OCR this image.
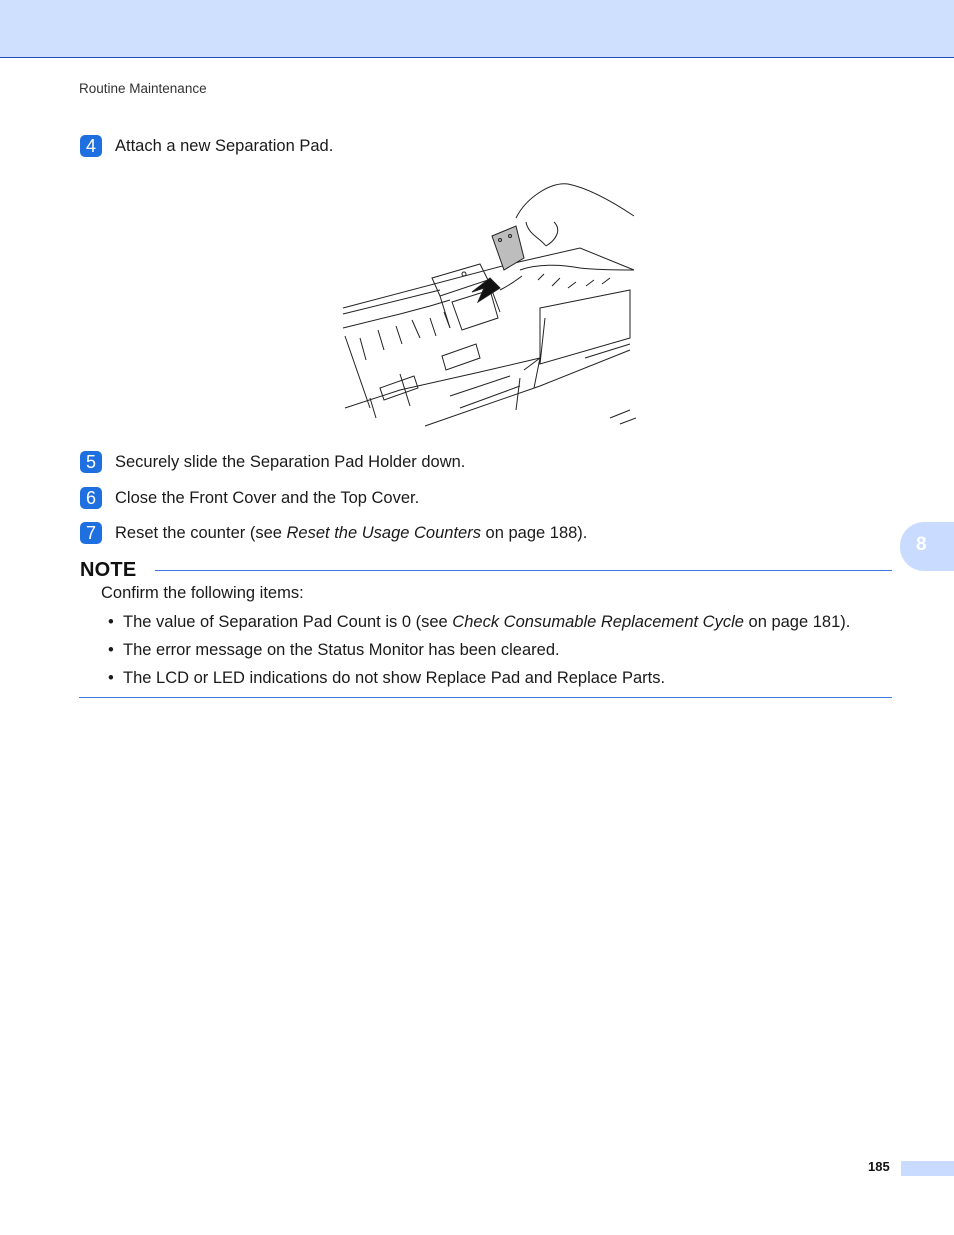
Routine Maintenance
4	Attach a new Separation Pad.
5	Securely slide the Separation Pad Holder down.
6	Close the Front Cover and the Top Cover.
7	Reset the counter (see Reset the Usage Counters on page 188).
8
NOTE
Confirm the following items:
• The value of Separation Pad Count is 0 (see Check Consumable Replacement Cycle on page 181).
• The error message on the Status Monitor has been cleared.
• The LCD or LED indications do not show Replace Pad and Replace Parts.
185
